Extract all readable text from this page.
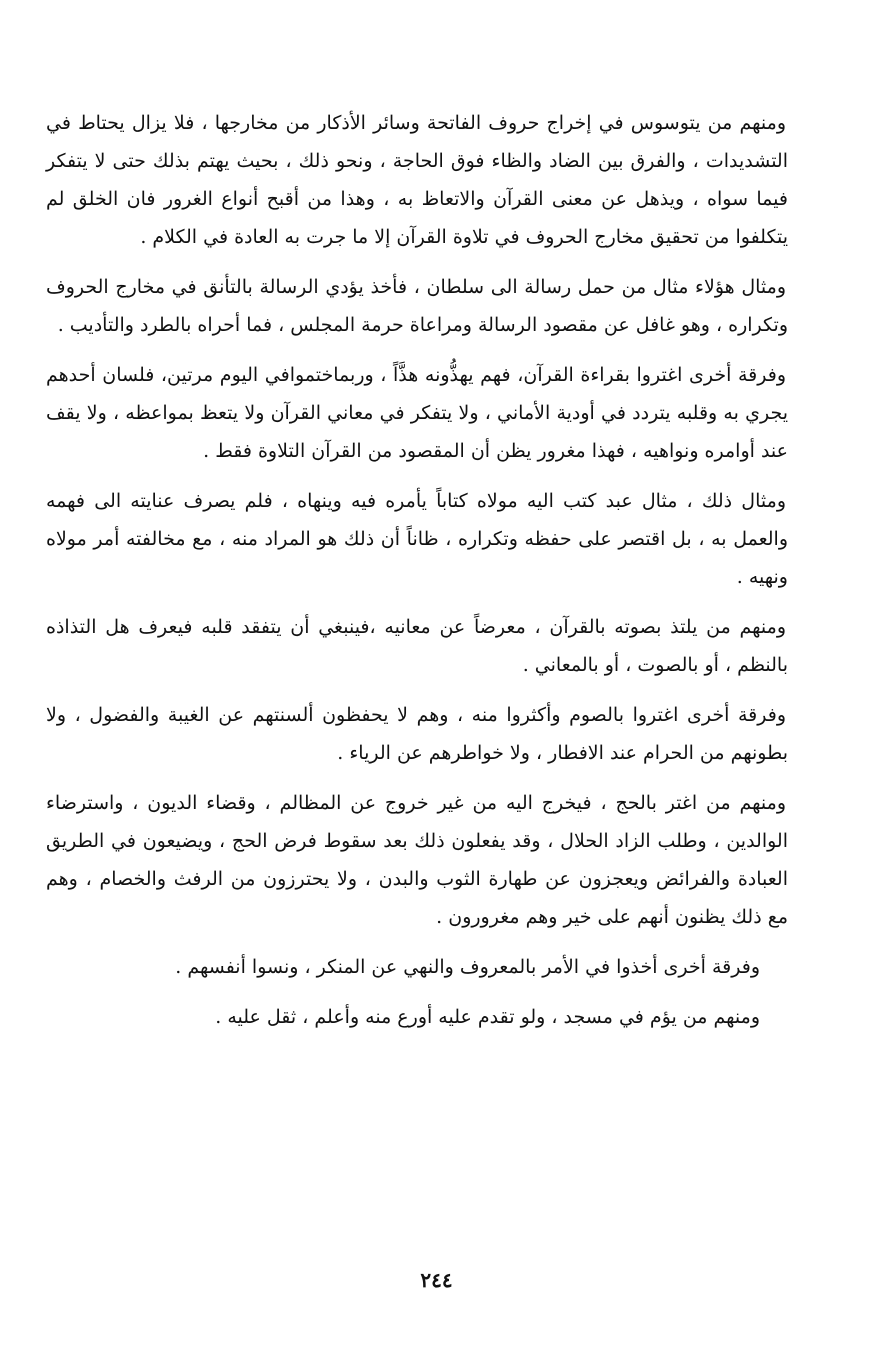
ومنهم من يتوسوس في إخراج حروف الفاتحة وسائر الأذكار من مخارجها ، فلا يزال يحتاط في التشديدات ، والفرق بين الضاد والظاء فوق الحاجة ، ونحو ذلك ، بحيث يهتم بذلك حتى لا يتفكر فيما سواه ، ويذهل عن معنى القرآن والاتعاظ به ، وهذا من أقبح أنواع الغرور فان الخلق لم يتكلفوا من تحقيق مخارج الحروف في تلاوة القرآن إلا ما جرت به العادة في الكلام .

ومثال هؤلاء مثال من حمل رسالة الى سلطان ، فأخذ يؤدي الرسالة بالتأنق في مخارج الحروف وتكراره ، وهو غافل عن مقصود الرسالة ومراعاة حرمة المجلس ، فما أحراه بالطرد والتأديب .

وفرقة أخرى اغتروا بقراءة القرآن، فهم يهذُّونه هذَّاً ، وربماختموافي اليوم مرتين، فلسان أحدهم يجري به وقلبه يتردد في أودية الأماني ، ولا يتفكر في معاني القرآن ولا يتعظ بمواعظه ، ولا يقف عند أوامره ونواهيه ، فهذا مغرور يظن أن المقصود من القرآن التلاوة فقط .

ومثال ذلك ، مثال عبد كتب اليه مولاه كتاباً يأمره فيه وينهاه ، فلم يصرف عنايته الى فهمه والعمل به ، بل اقتصر على حفظه وتكراره ، ظاناً أن ذلك هو المراد منه ، مع مخالفته أمر مولاه ونهيه .

ومنهم من يلتذ بصوته بالقرآن ، معرضاً عن معانيه ،فينبغي أن يتفقد قلبه فيعرف هل التذاذه بالنظم ، أو بالصوت ، أو بالمعاني .

وفرقة أخرى اغتروا بالصوم وأكثروا منه ، وهم لا يحفظون ألسنتهم عن الغيبة والفضول ، ولا بطونهم من الحرام عند الافطار ، ولا خواطرهم عن الرياء .

ومنهم من اغتر بالحج ، فيخرج اليه من غير خروج عن المظالم ، وقضاء الديون ، واسترضاء الوالدين ، وطلب الزاد الحلال ، وقد يفعلون ذلك بعد سقوط فرض الحج ، ويضيعون في الطريق العبادة والفرائض ويعجزون عن طهارة الثوب والبدن ، ولا يحترزون من الرفث والخصام ، وهم مع ذلك يظنون أنهم على خير وهم مغرورون .

وفرقة أخرى أخذوا في الأمر بالمعروف والنهي عن المنكر ، ونسوا أنفسهم .

ومنهم من يؤم في مسجد ، ولو تقدم عليه أورع منه وأعلم ، ثقل عليه .

٢٤٤
